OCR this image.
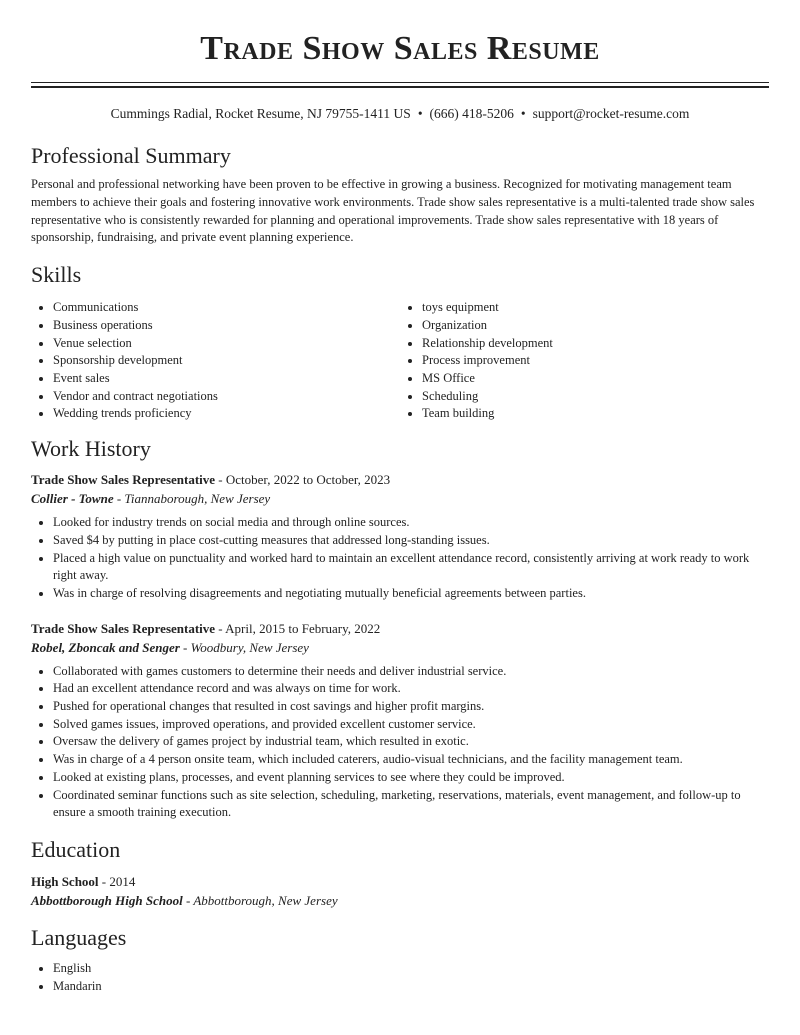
Trade Show Sales Resume
Cummings Radial, Rocket Resume, NJ 79755-1411 US • (666) 418-5206 • support@rocket-resume.com
Professional Summary

Personal and professional networking have been proven to be effective in growing a business. Recognized for motivating management team members to achieve their goals and fostering innovative work environments. Trade show sales representative is a multi-talented trade show sales representative who is consistently rewarded for planning and operational improvements. Trade show sales representative with 18 years of sponsorship, fundraising, and private event planning experience.

Skills
• Communications
• Business operations
• Venue selection
• Sponsorship development
• Event sales
• Vendor and contract negotiations
• Wedding trends proficiency
• toys equipment
• Organization
• Relationship development
• Process improvement
• MS Office
• Scheduling
• Team building
Work History
Trade Show Sales Representative - October, 2022 to October, 2023
Collier - Towne - Tiannaborough, New Jersey
• Looked for industry trends on social media and through online sources.
• Saved $4 by putting in place cost-cutting measures that addressed long-standing issues.
• Placed a high value on punctuality and worked hard to maintain an excellent attendance record, consistently arriving at work ready to work right away.
• Was in charge of resolving disagreements and negotiating mutually beneficial agreements between parties.
Trade Show Sales Representative - April, 2015 to February, 2022
Robel, Zboncak and Senger - Woodbury, New Jersey
• Collaborated with games customers to determine their needs and deliver industrial service.
• Had an excellent attendance record and was always on time for work.
• Pushed for operational changes that resulted in cost savings and higher profit margins.
• Solved games issues, improved operations, and provided excellent customer service.
• Oversaw the delivery of games project by industrial team, which resulted in exotic.
• Was in charge of a 4 person onsite team, which included caterers, audio-visual technicians, and the facility management team.
• Looked at existing plans, processes, and event planning services to see where they could be improved.
• Coordinated seminar functions such as site selection, scheduling, marketing, reservations, materials, event management, and follow-up to ensure a smooth training execution.
Education
High School - 2014
Abbottborough High School - Abbottborough, New Jersey
Languages
• English
• Mandarin
